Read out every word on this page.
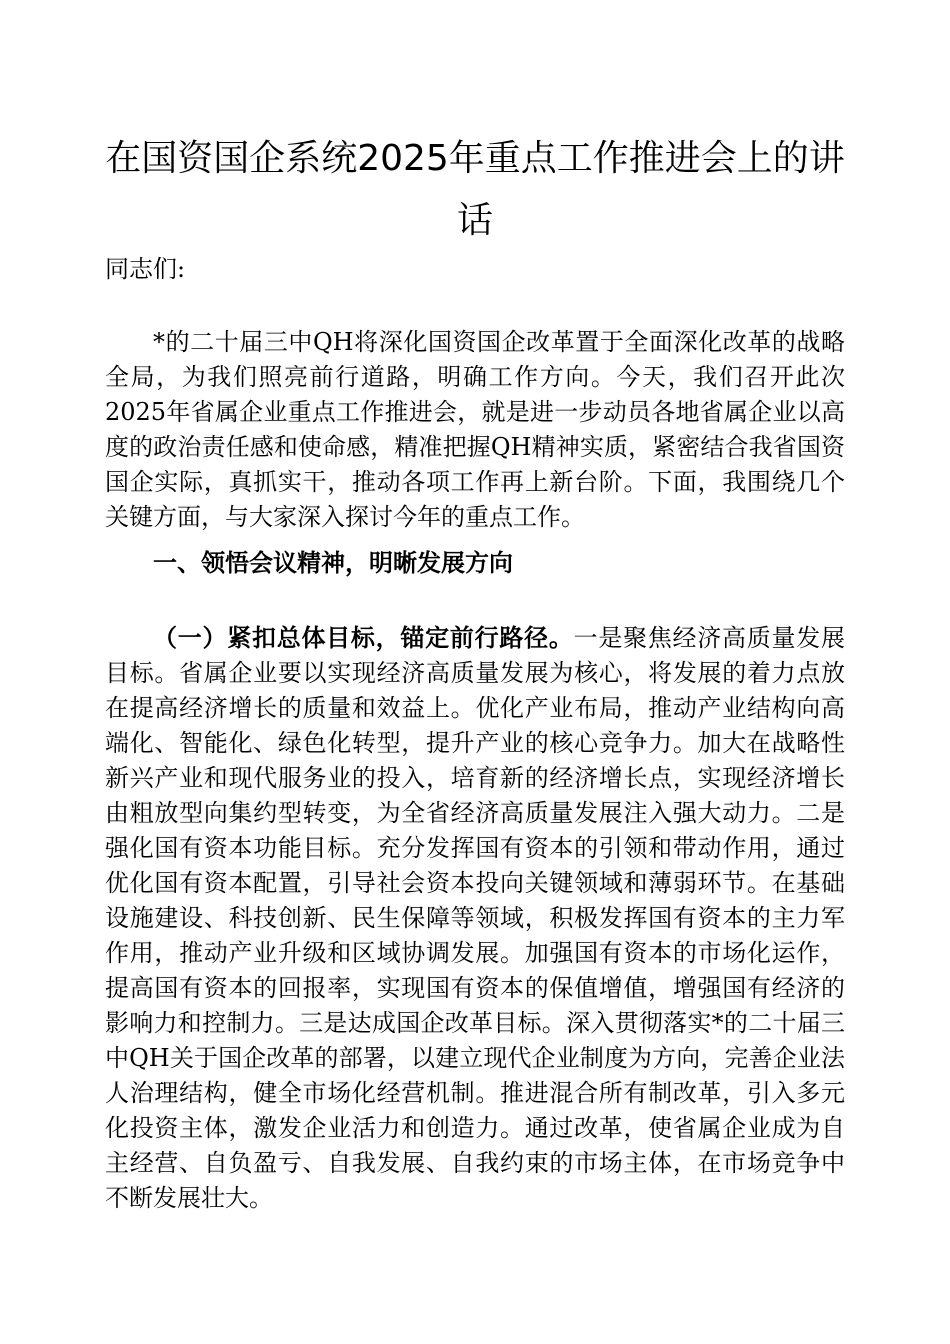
在国资国企系统2025年重点工作推进会上的讲话

同志们:

*的二十届三中QH将深化国资国企改革置于全面深化改革的战略全局，为我们照亮前行道路，明确工作方向。今天，我们召开此次2025年省属企业重点工作推进会，就是进一步动员各地省属企业以高度的政治责任感和使命感，精准把握QH精神实质，紧密结合我省国资国企实际，真抓实干，推动各项工作再上新台阶。下面，我围绕几个关键方面，与大家深入探讨今年的重点工作。

一、领悟会议精神，明晰发展方向

（一）紧扣总体目标，锚定前行路径。一是聚焦经济高质量发展目标。省属企业要以实现经济高质量发展为核心，将发展的着力点放在提高经济增长的质量和效益上。优化产业布局，推动产业结构向高端化、智能化、绿色化转型，提升产业的核心竞争力。加大在战略性新兴产业和现代服务业的投入，培育新的经济增长点，实现经济增长由粗放型向集约型转变，为全省经济高质量发展注入强大动力。二是强化国有资本功能目标。充分发挥国有资本的引领和带动作用，通过优化国有资本配置，引导社会资本投向关键领域和薄弱环节。在基础设施建设、科技创新、民生保障等领域，积极发挥国有资本的主力军作用，推动产业升级和区域协调发展。加强国有资本的市场化运作，提高国有资本的回报率，实现国有资本的保值增值，增强国有经济的影响力和控制力。三是达成国企改革目标。深入贯彻落实*的二十届三中QH关于国企改革的部署，以建立现代企业制度为方向，完善企业法人治理结构，健全市场化经营机制。推进混合所有制改革，引入多元化投资主体，激发企业活力和创造力。通过改革，使省属企业成为自主经营、自负盈亏、自我发展、自我约束的市场主体，在市场竞争中不断发展壮大。
